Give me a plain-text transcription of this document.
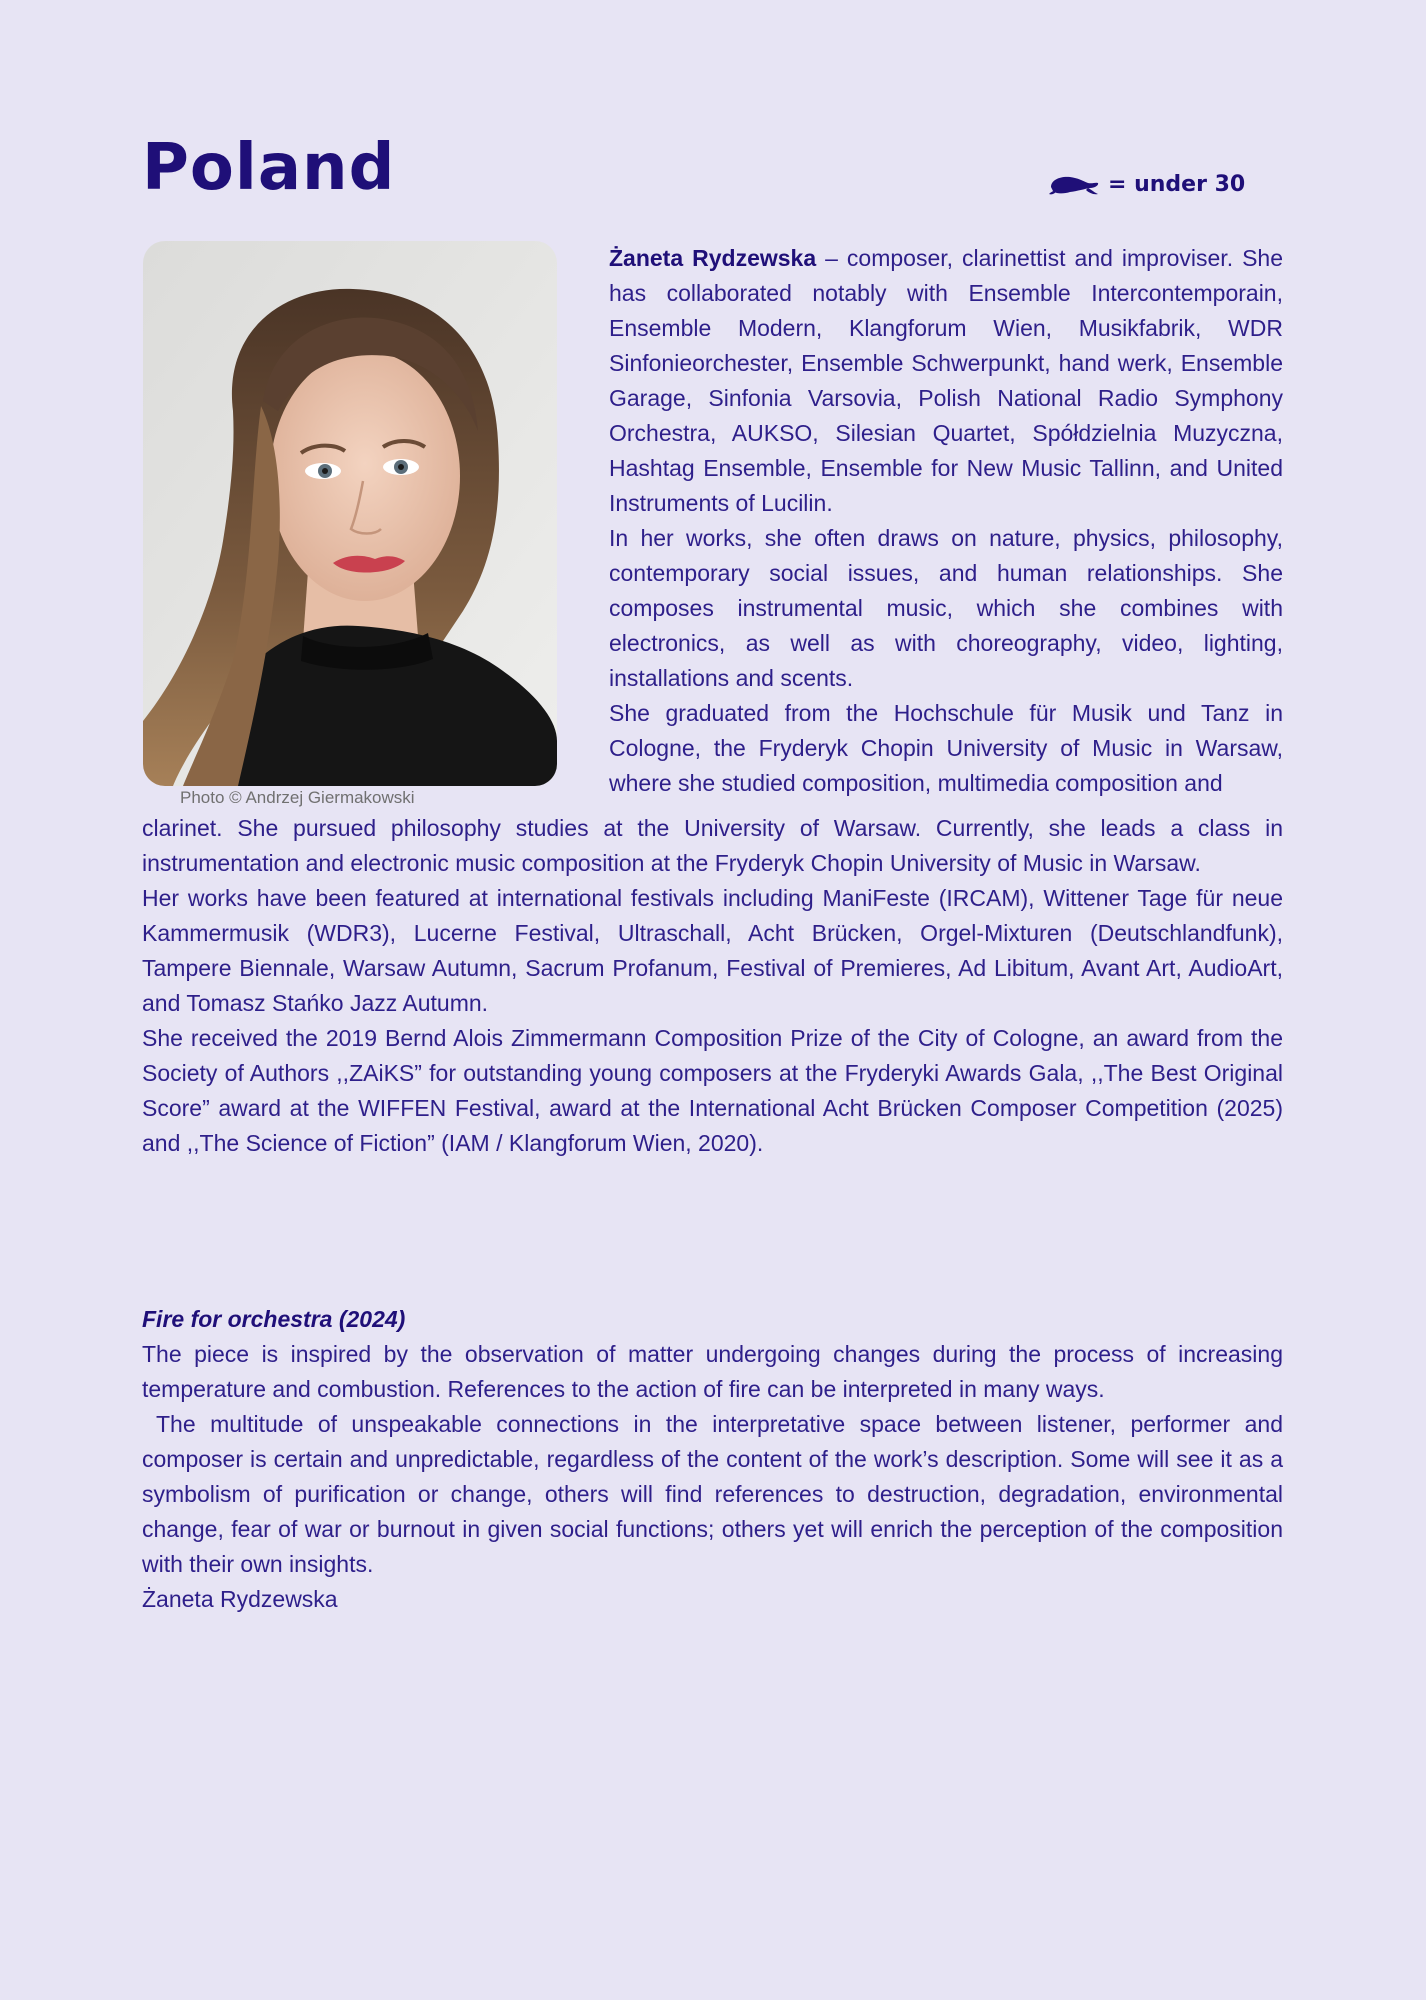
Poland	= under 30
Photo © Andrzej Giermakowski

Żaneta Rydzewska – composer, clarinettist and improviser. She has collaborated notably with Ensemble Intercontemporain, Ensemble Modern, Klangforum Wien, Musikfabrik, WDR Sinfonieorchester, Ensemble Schwerpunkt, hand werk, Ensemble Garage, Sinfonia Varsovia, Polish National Radio Symphony Orchestra, AUKSO, Silesian Quartet, Spółdzielnia Muzyczna, Hashtag Ensemble, Ensemble for New Music Tallinn, and United Instruments of Lucilin.

In her works, she often draws on nature, physics, philosophy, contemporary social issues, and human relationships. She composes instrumental music, which she combines with electronics, as well as with choreography, video, lighting, installations and scents.

She graduated from the Hochschule für Musik und Tanz in Cologne, the Fryderyk Chopin University of Music in Warsaw, where she studied composition, multimedia composition and

clarinet. She pursued philosophy studies at the University of Warsaw. Currently, she leads a class in instrumentation and electronic music composition at the Fryderyk Chopin University of Music in Warsaw.

Her works have been featured at international festivals including ManiFeste (IRCAM), Wittener Tage für neue Kammermusik (WDR3), Lucerne Festival, Ultraschall, Acht Brücken, Orgel-Mixturen (Deutschlandfunk), Tampere Biennale, Warsaw Autumn, Sacrum Profanum, Festival of Premieres, Ad Libitum, Avant Art, AudioArt, and Tomasz Stańko Jazz Autumn.

She received the 2019 Bernd Alois Zimmermann Composition Prize of the City of Cologne, an award from the Society of Authors ,,ZAiKS” for outstanding young composers at the Fryderyki Awards Gala, ,,The Best Original Score” award at the WIFFEN Festival, award at the International Acht Brücken Composer Competition (2025) and ,,The Science of Fiction” (IAM / Klangforum Wien, 2020).

Fire for orchestra (2024)

The piece is inspired by the observation of matter undergoing changes during the process of increasing temperature and combustion. References to the action of fire can be interpreted in many ways.

The multitude of unspeakable connections in the interpretative space between listener, performer and composer is certain and unpredictable, regardless of the content of the work’s description. Some will see it as a symbolism of purification or change, others will find references to destruction, degradation, environmental change, fear of war or burnout in given social functions; others yet will enrich the perception of the composition with their own insights.

Żaneta Rydzewska
